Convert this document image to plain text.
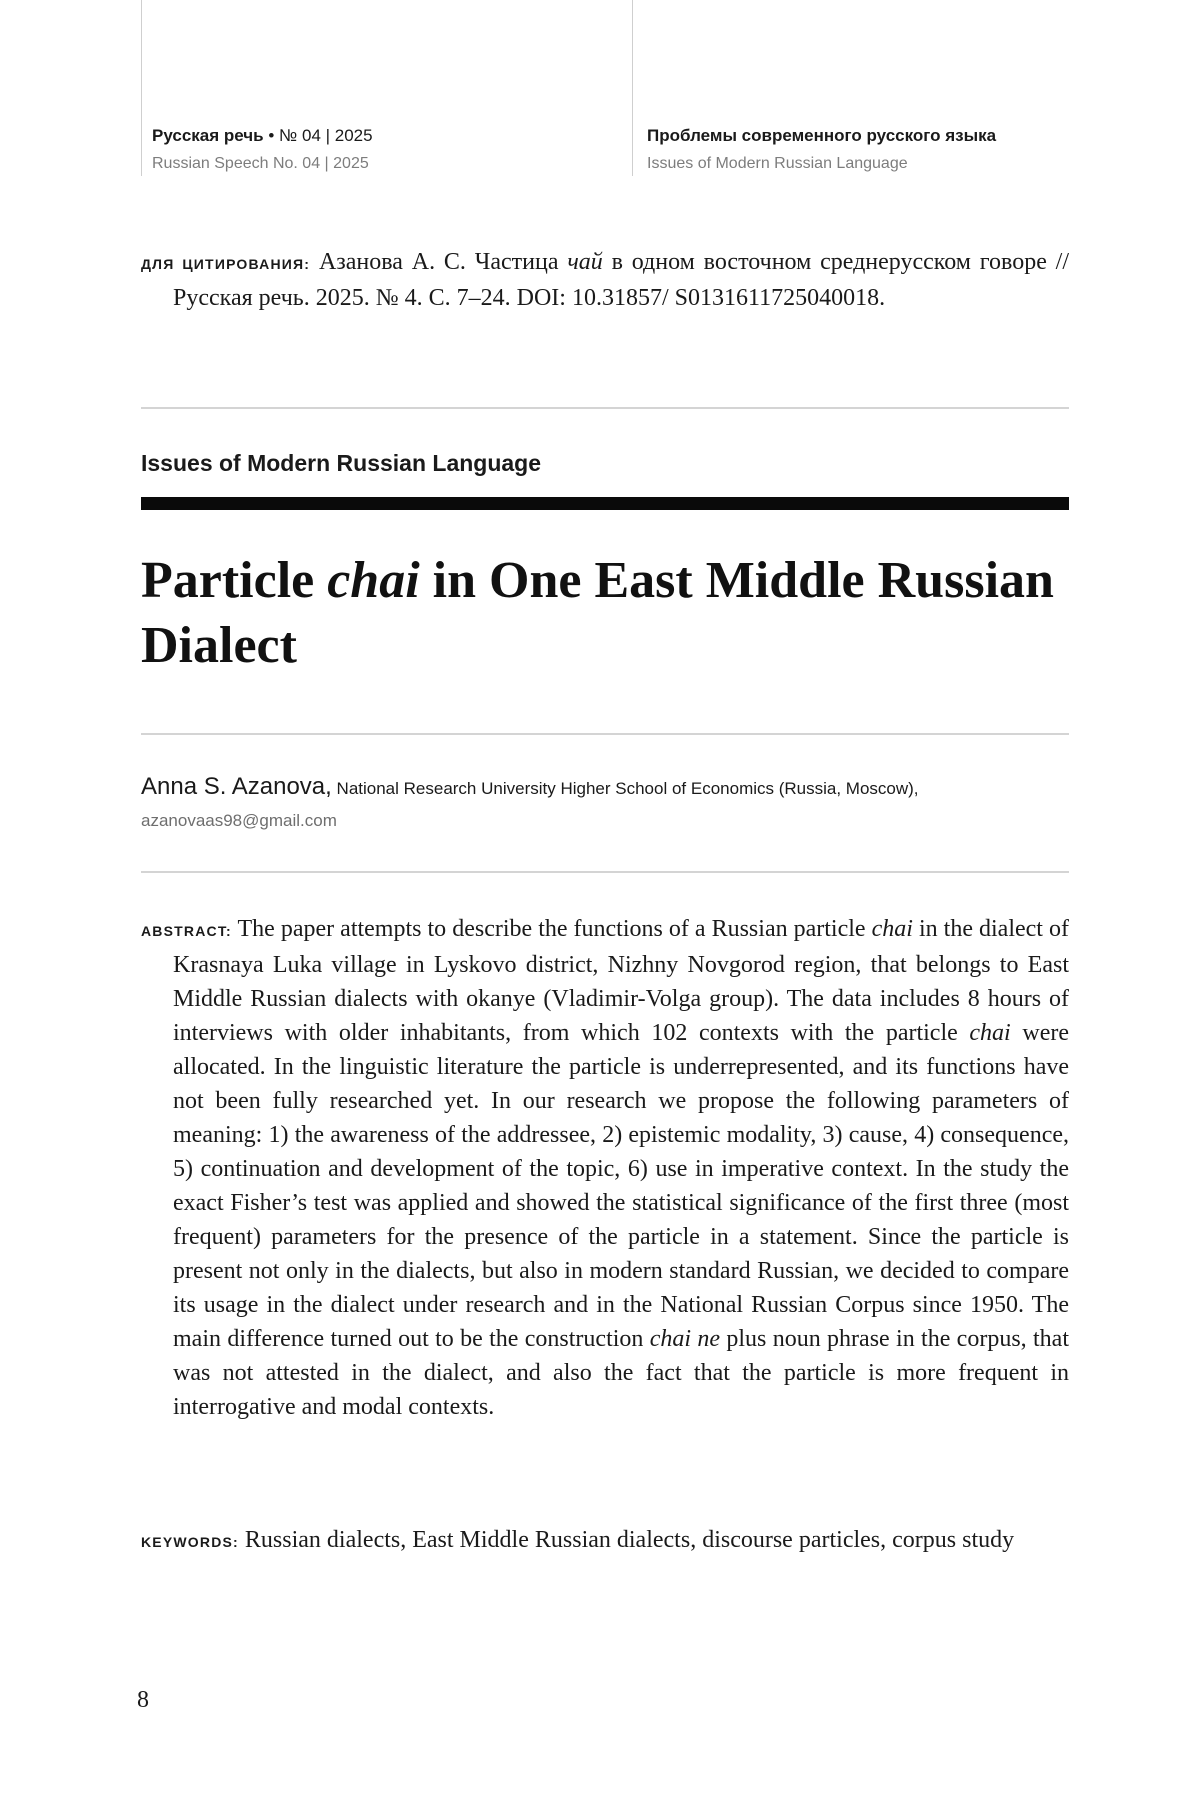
Русская речь • № 04 | 2025
Russian Speech No. 04 | 2025
Проблемы современного русского языка
Issues of Modern Russian Language
ДЛЯ ЦИТИРОВАНИЯ: Азанова А. С. Частица чай в одном восточном среднерусском говоре // Русская речь. 2025. № 4. С. 7–24. DOI: 10.31857/ S013161172504001​8.
Issues of Modern Russian Language
Particle chai in One East Middle Russian Dialect
Anna S. Azanova, National Research University Higher School of Economics (Russia, Moscow),
azanovaas98@gmail.com
ABSTRACT: The paper attempts to describe the functions of a Russian particle chai in the dialect of Krasnaya Luka village in Lyskovo district, Nizhny Novgorod region, that belongs to East Middle Russian dialects with okanye (Vladimir-Volga group). The data includes 8 hours of interviews with older inhabitants, from which 102 contexts with the particle chai were allocated. In the linguistic literature the particle is underrepresented, and its functions have not been fully researched yet. In our research we propose the following parameters of meaning: 1) the awareness of the addressee, 2) epistemic modality, 3) cause, 4) consequence, 5) continuation and development of the topic, 6) use in imperative context. In the study the exact Fisher’s test was applied and showed the statistical significance of the first three (most frequent) parameters for the presence of the particle in a statement. Since the particle is present not only in the dialects, but also in modern standard Russian, we decided to compare its usage in the dialect under research and in the National Russian Corpus since 1950. The main difference turned out to be the construction chai ne plus noun phrase in the corpus, that was not attested in the dialect, and also the fact that the particle is more frequent in interrogative and modal contexts.
KEYWORDS: Russian dialects, East Middle Russian dialects, discourse particles, corpus study
8
